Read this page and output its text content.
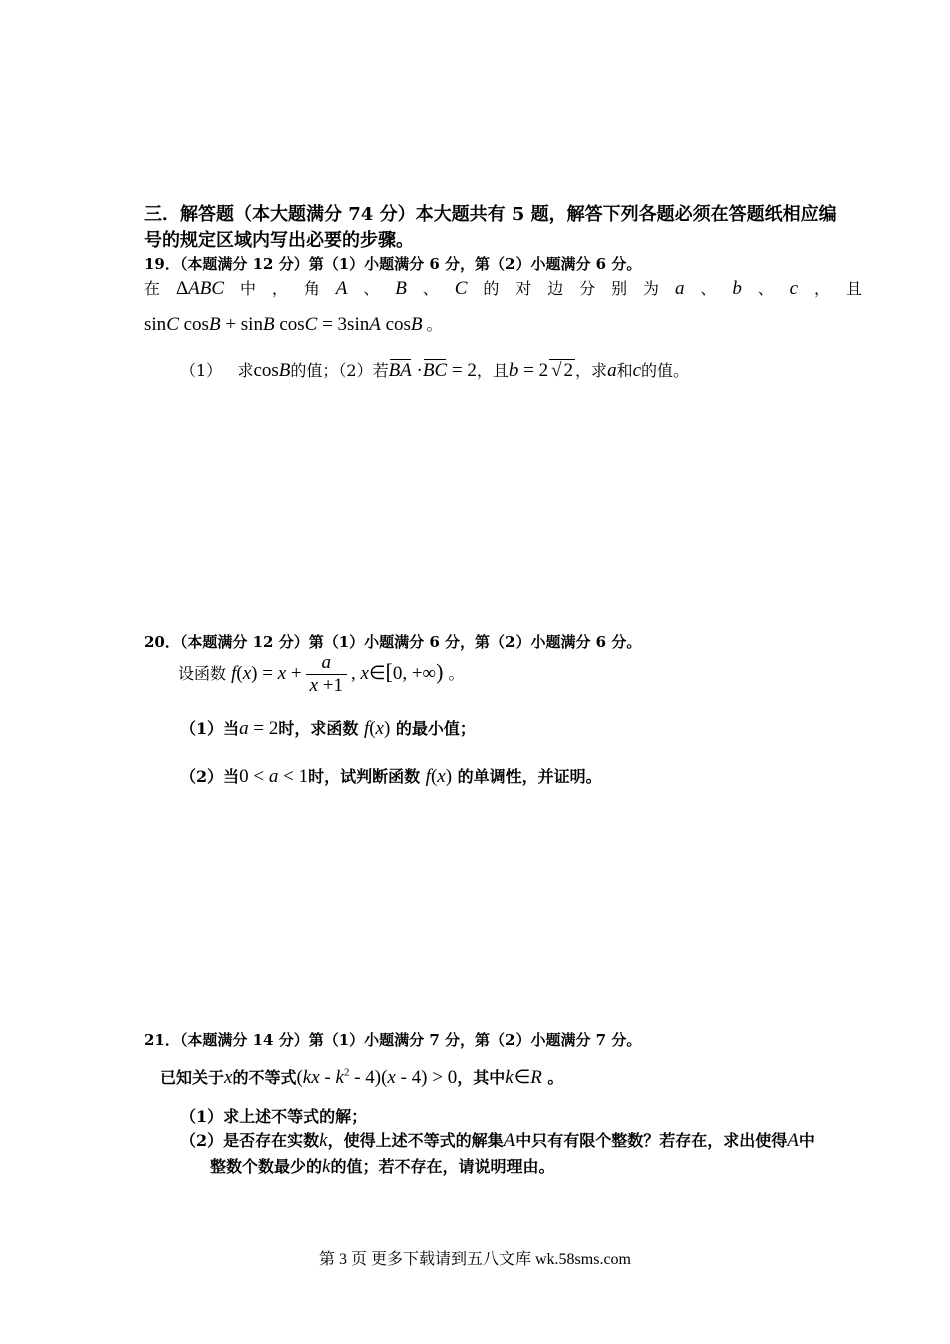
三．解答题（本大题满分 74 分）本大题共有 5 题，解答下列各题必须在答题纸相应编
号的规定区域内写出必要的步骤。
19．（本题满分 12 分）第（1）小题满分 6 分，第（2）小题满分 6 分。
在 ΔABC 中 ， 角 A 、 B 、 C 的 对 边 分 别 为 a 、 b 、 c ， 且
sinC cosB + sinB cosC = 3sinA cosB 。
（1）   求cosB的值；（2）若BA ·BC = 2，且b = 2 √ 2 ，求a和c的值。
20．（本题满分 12 分）第（1）小题满分 6 分，第（2）小题满分 6 分。
设函数 $f(x) = x + \frac{a}{x +1}$ , x∈[0, +∞) 。
（1）当a = 2时，求函数 f(x) 的最小值；
（2）当0 < a < 1时，试判断函数 f(x) 的单调性，并证明。
21．（本题满分 14 分）第（1）小题满分 7 分，第（2）小题满分 7 分。
已知关于x的不等式$(kx - k^2 - 4)(x - 4) > 0$，其中k∈R 。
（1）求上述不等式的解；
（2）是否存在实数k，使得上述不等式的解集A中只有有限个整数？若存在，求出使得A中
整数个数最少的k的值；若不存在，请说明理由。
第 3 页 更多下载请到五八文库 wk.58sms.com
